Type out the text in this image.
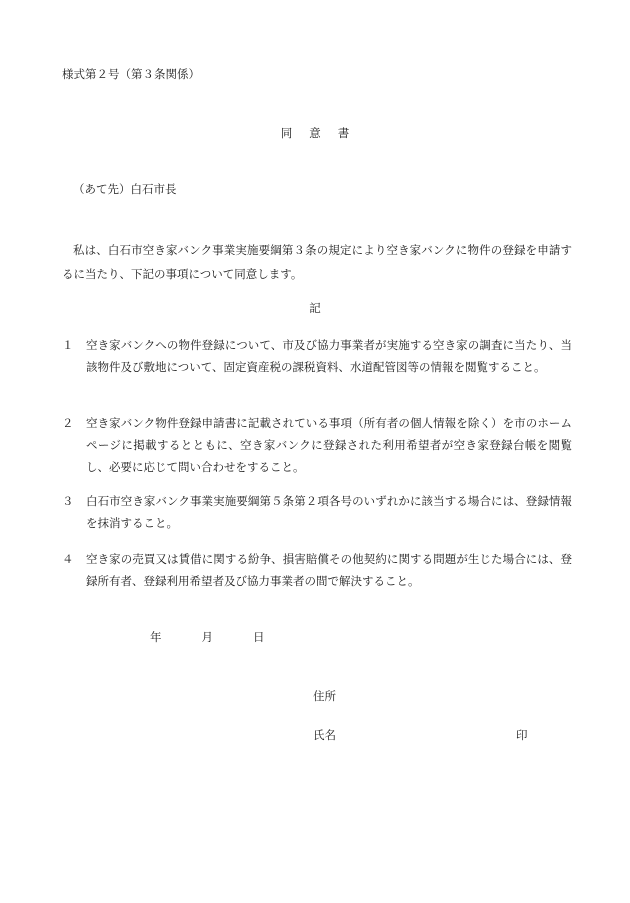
様式第２号（第３条関係）
同意書
（あて先）白石市長
私は、白石市空き家バンク事業実施要綱第３条の規定により空き家バンクに物件の登録を申請するに当たり、下記の事項について同意します。
記
１	空き家バンクへの物件登録について、市及び協力事業者が実施する空き家の調査に当たり、当該物件及び敷地について、固定資産税の課税資料、水道配管図等の情報を閲覧すること。
２	空き家バンク物件登録申請書に記載されている事項（所有者の個人情報を除く）を市のホームページに掲載するとともに、空き家バンクに登録された利用希望者が空き家登録台帳を閲覧し、必要に応じて問い合わせをすること。
３	白石市空き家バンク事業実施要綱第５条第２項各号のいずれかに該当する場合には、登録情報を抹消すること。
４	空き家の売買又は賃借に関する紛争、損害賠償その他契約に関する問題が生じた場合には、登録所有者、登録利用希望者及び協力事業者の間で解決すること。
年	月	日
住所
氏名	印
